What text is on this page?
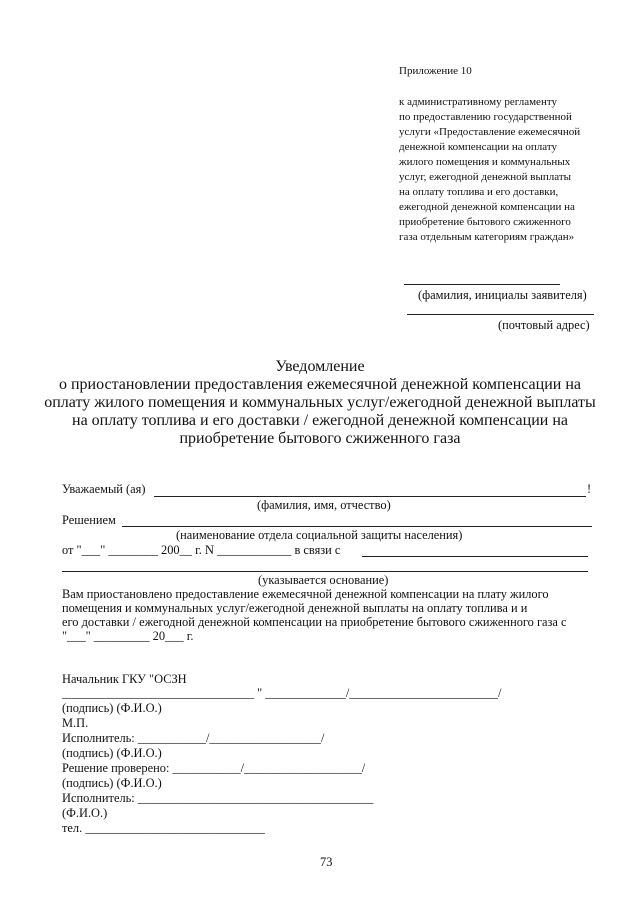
Приложение 10
к административному регламенту
по предоставлению государственной
услуги «Предоставление ежемесячной
денежной компенсации на оплату
жилого помещения и коммунальных
услуг, ежегодной денежной выплаты
на оплату топлива и его доставки,
ежегодной денежной компенсации на
приобретение бытового сжиженного
газа отдельным категориям граждан»
(фамилия, инициалы заявителя)
(почтовый адрес)
Уведомление
о приостановлении предоставления ежемесячной денежной компенсации на
оплату жилого помещения и коммунальных услуг/ежегодной денежной выплаты
на оплату топлива и его доставки / ежегодной денежной компенсации на
приобретение бытового сжиженного газа
Уважаемый (ая)	!
(фамилия, имя, отчество)
Решением
(наименование отдела социальной защиты населения)
от "___" ________ 200__ г. N ____________ в связи с
(указывается основание)
Вам приостановлено предоставление ежемесячной денежной компенсации на плату жилого
помещения и коммунальных услуг/ежегодной денежной выплаты на оплату топлива и и
его доставки / ежегодной денежной компенсации на приобретение бытового сжиженного газа с
"___" _________ 20___ г.
Начальник ГКУ "ОСЗН
_______________________________ " _____________/________________________/
(подпись) (Ф.И.О.)
М.П.
Исполнитель: ___________/__________________/
(подпись) (Ф.И.О.)
Решение проверено: ___________/___________________/
(подпись) (Ф.И.О.)
Исполнитель: ______________________________________
(Ф.И.О.)
тел. _____________________________
73
